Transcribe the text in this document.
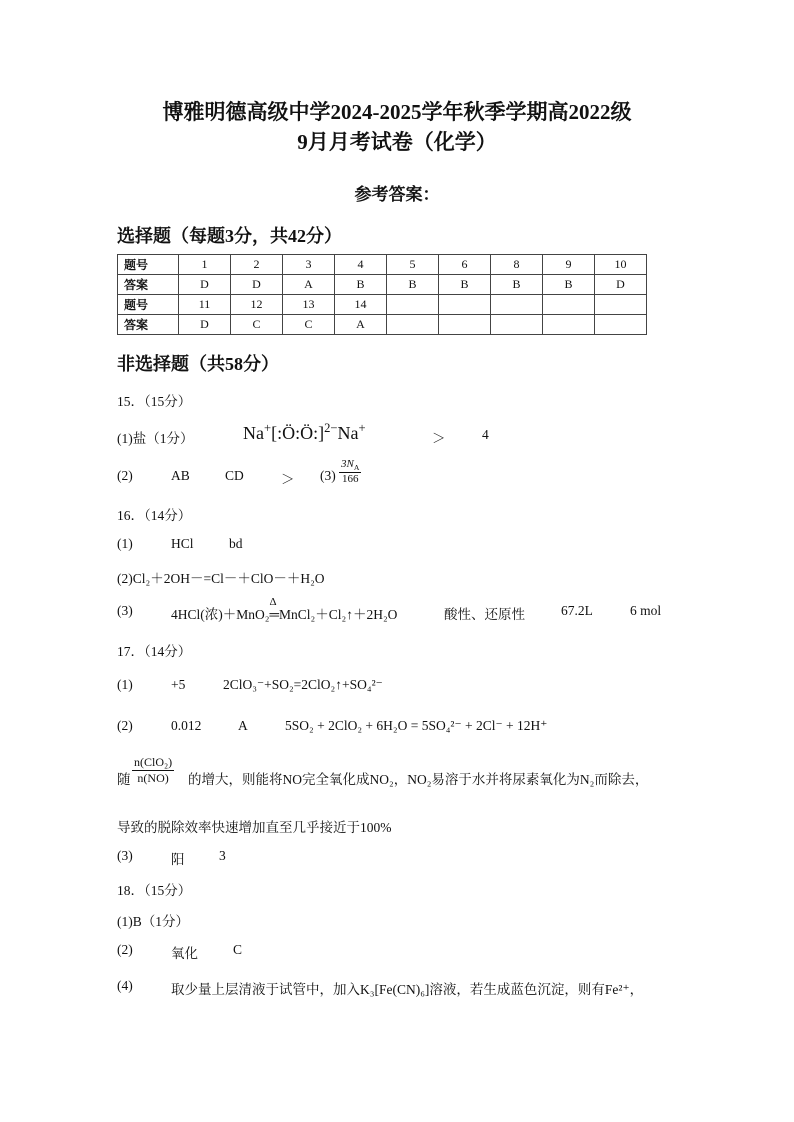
博雅明德高级中学2024-2025学年秋季学期高2022级
9月月考试卷（化学）
参考答案：
选择题（每题3分，共42分）
题号	1	2	3	4	5	6	8	9	10
答案	D	D	A	B	B	B	B	B	D
题号	11	12	13	14					
答案	D	C	C	A					
非选择题（共58分）
15．（15分）
(1)盐（1分）	Na+[:Ö:Ö:]$^{2-}$Na+
＞	4
(2)	AB	CD	＞ $(3) \frac{3N_A}{166}$
16．（14分）
(1)	HCl	bd
(2)Cl₂＋2OH－=Cl－＋ClO－＋H₂O
(3)	4HCl(浓)＋MnO₂
Δ
═MnCl₂＋Cl₂↑＋2H₂O	酸性、还原性	67.2L	6 mol
17．（14分）
(1)	+5	2ClO₃⁻+SO₂=2ClO₂↑+SO₄²⁻
(2)	0.012	A	5SO₂ + 2ClO₂ + 6H₂O = 5SO₄²⁻ + 2Cl⁻ + 12H⁺
随 $\frac{\text{n(ClO₂)}}{n(NO)}$ 的增大，则能将NO完全氧化成NO₂，NO₂易溶于水并将尿素氧化为N₂而除去，
导致的脱除效率快速增加直至几乎接近于100%
(3)	阳	3
18．（15分）
(1)B（1分）
(2)	氧化	C
(4)	取少量上层清液于试管中，加入K₃[Fe(CN)₆]溶液，若生成蓝色沉淀，则有Fe²⁺，
